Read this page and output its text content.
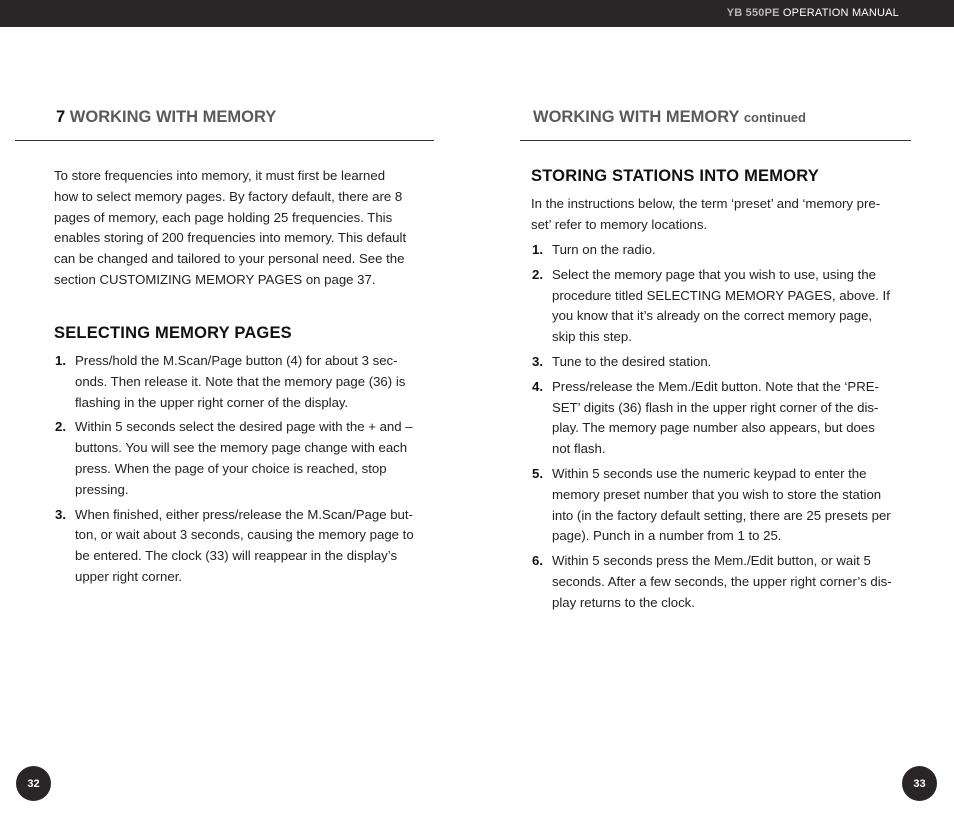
YB 550PE OPERATION MANUAL
7 WORKING WITH MEMORY

To store frequencies into memory, it must first be learned how to select memory pages. By factory default, there are 8 pages of memory, each page holding 25 frequencies. This enables storing of 200 frequencies into memory. This default can be changed and tailored to your personal need. See the section CUSTOMIZING MEMORY PAGES on page 37.

SELECTING MEMORY PAGES
1. Press/hold the M.Scan/Page button (4) for about 3 sec- onds. Then release it. Note that the memory page (36) is flashing in the upper right corner of the display.
2. Within 5 seconds select the desired page with the + and – buttons. You will see the memory page change with each press. When the page of your choice is reached, stop pressing.
3. When finished, either press/release the M.Scan/Page but- ton, or wait about 3 seconds, causing the memory page to be entered. The clock (33) will reappear in the display’s upper right corner.
32
WORKING WITH MEMORY continued
STORING STATIONS INTO MEMORY

In the instructions below, the term ‘preset’ and ‘memory pre- set’ refer to memory locations.

1. Turn on the radio.
2. Select the memory page that you wish to use, using the procedure titled SELECTING MEMORY PAGES, above. If you know that it’s already on the correct memory page, skip this step.
3. Tune to the desired station.
4. Press/release the Mem./Edit button. Note that the ‘PRE- SET’ digits (36) flash in the upper right corner of the dis- play. The memory page number also appears, but does not flash.
5. Within 5 seconds use the numeric keypad to enter the memory preset number that you wish to store the station into (in the factory default setting, there are 25 presets per page). Punch in a number from 1 to 25.
6. Within 5 seconds press the Mem./Edit button, or wait 5 seconds. After a few seconds, the upper right corner’s dis- play returns to the clock.
33
